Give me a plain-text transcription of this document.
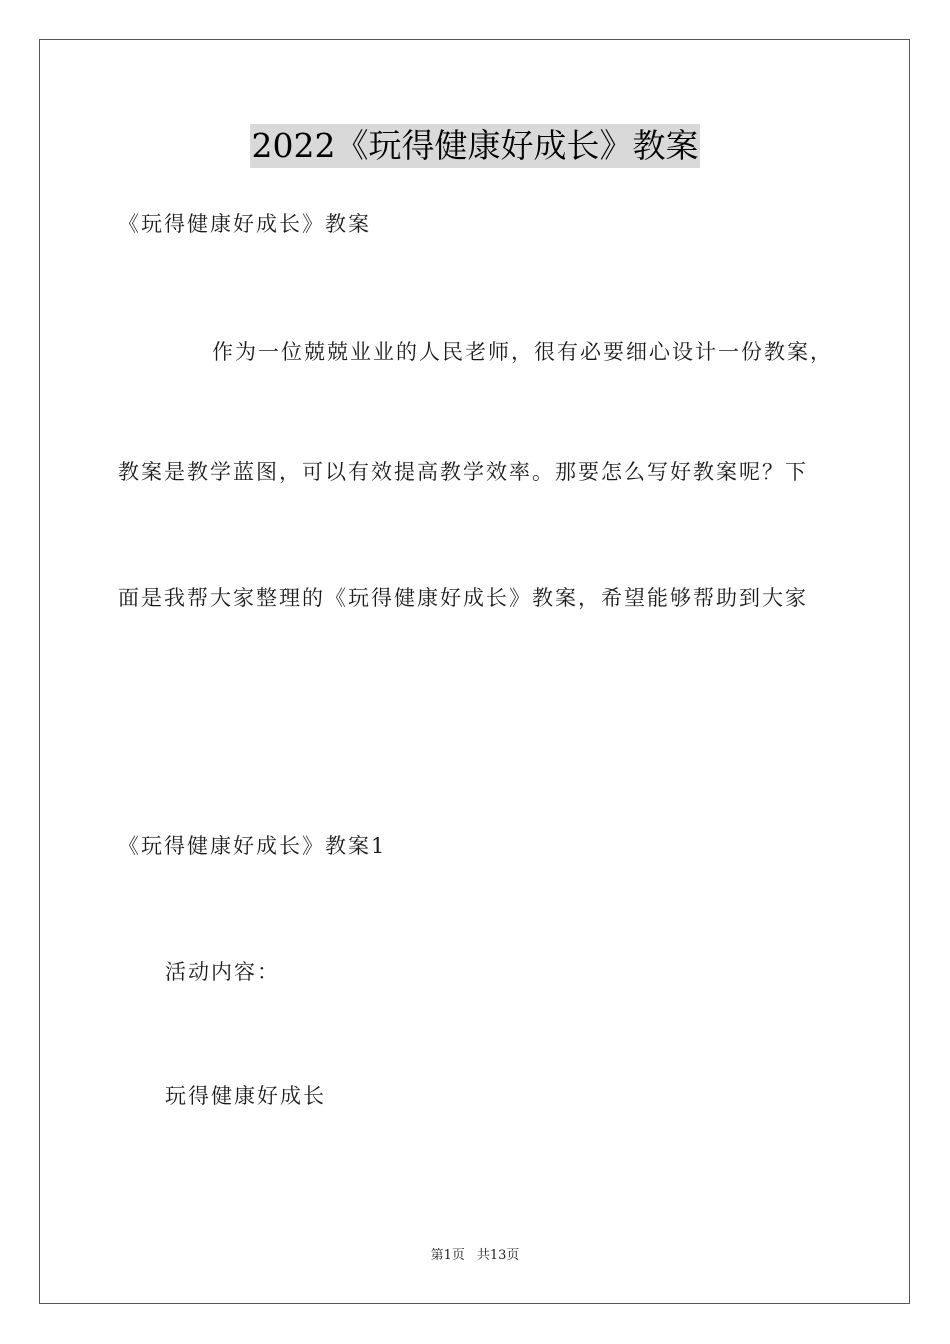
2022《玩得健康好成长》教案
《玩得健康好成长》教案
作为一位兢兢业业的人民老师，很有必要细心设计一份教案，
教案是教学蓝图，可以有效提高教学效率。那要怎么写好教案呢？下
面是我帮大家整理的《玩得健康好成长》教案，希望能够帮助到大家
《玩得健康好成长》教案1
活动内容：
玩得健康好成长
第1页 共13页
